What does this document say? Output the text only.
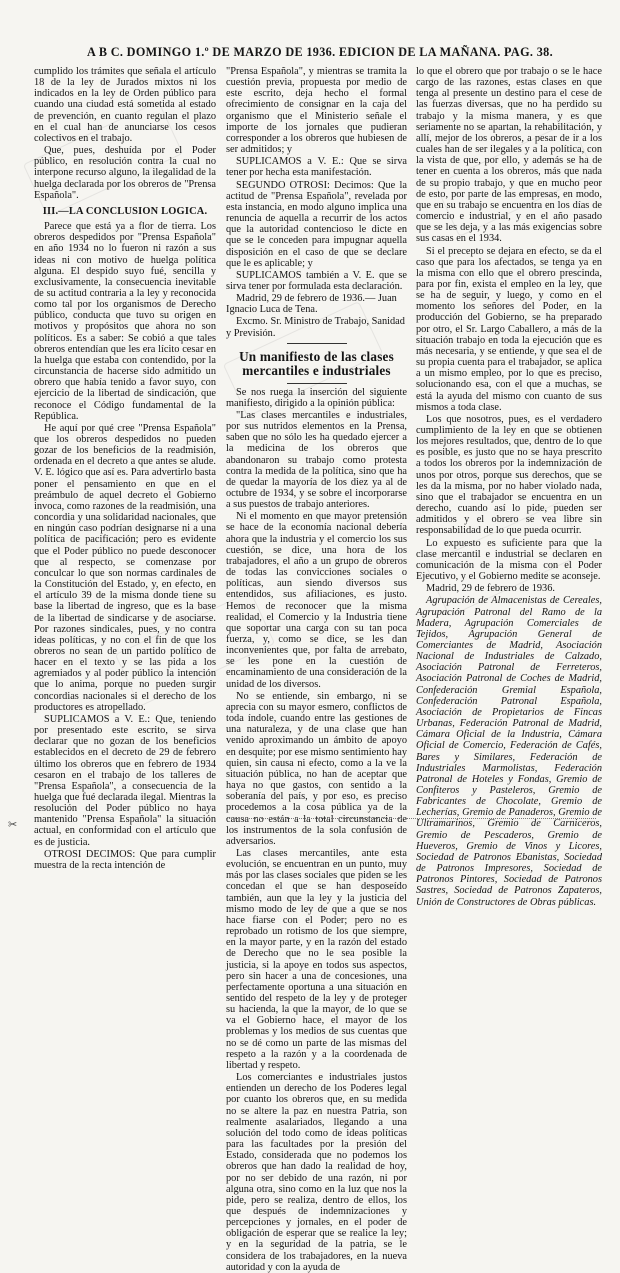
A B C. DOMINGO 1.º DE MARZO DE 1936. EDICION DE LA MAÑANA. PAG. 38.

cumplido los trámites que señala el artículo 18 de la ley de Jurados mixtos ni los indicados en la ley de Orden público para cuando una ciudad está sometida al estado de prevención, en cuanto regulan el plazo en el cual han de anunciarse los cesos colectivos en el trabajo.

Que, pues, deshuída por el Poder público, en resolución contra la cual no interpone recurso alguno, la ilegalidad de la huelga declarada por los obreros de "Prensa Española".

III.—LA CONCLUSION LOGICA.

Parece que está ya a flor de tierra. Los obreros despedidos por "Prensa Española" en año 1934 no lo fueron ni razón a sus ideas ni con motivo de huelga política alguna. El despido suyo fué, sencilla y exclusivamente, la consecuencia inevitable de su actitud contraria a la ley y reconocida como tal por los organismos de Derecho público, conducta que tuvo su origen en motivos y propósitos que ahora no son políticos. Es a saber: Se cobió a que tales obreros entendían que les era lícito cesar en la huelga que estaba con contendido, por la circunstancia de hacerse sido admitido un obrero que había tenido a favor suyo, con ejercicio de la libertad de sindicación, que reconoce el Código fundamental de la República.

He aquí por qué cree "Prensa Española" que los obreros despedidos no pueden gozar de los beneficios de la readmisión, ordenada en el decreto a que antes se alude. V. E. lógico que así es. Para advertirlo basta poner el pensamiento en que en el preámbulo de aquel decreto el Gobierno invoca, como razones de la readmisión, una concordia y una solidaridad nacionales, que en ningún caso podrían designarse ni a una política de pacificación; pero es evidente que el Poder público no puede desconocer que al respecto, se comenzase por conculcar lo que son normas cardinales de la Constitución del Estado, y, en efecto, en el artículo 39 de la misma donde tiene su base la libertad de ingreso, que es la base de la libertad de sindicarse y de asociarse. Por razones sindicales, pues, y no contra ideas políticas, y no con el fin de que los obreros no sean de un partido político de hacer en el texto y se las pida a los agremiados y al poder público la intención que lo anima, porque no pueden surgir concordias nacionales si el derecho de los productores es atropellado.

SUPLICAMOS a V. E.: Que, teniendo por presentado este escrito, se sirva declarar que no gozan de los beneficios establecidos en el decreto de 29 de febrero último los obreros que en febrero de 1934 cesaron en el trabajo de los talleres de "Prensa Española", a consecuencia de la huelga que fué declarada ilegal. Mientras la resolución del Poder público no haya mantenido "Prensa Española" la situación actual, en conformidad con el artículo que es de justicia.

OTROSI DECIMOS: Que para cumplir muestra de la recta intención de

"Prensa Española", y mientras se tramita la cuestión previa, propuesta por medio de este escrito, deja hecho el formal ofrecimiento de consignar en la caja del organismo que el Ministerio señale el importe de los jornales que pudieran corresponder a los obreros que hubiesen de ser admitidos; y

SUPLICAMOS a V. E.: Que se sirva tener por hecha esta manifestación.

SEGUNDO OTROSI: Decimos: Que la actitud de "Prensa Española", revelada por esta instancia, en modo alguno implica una renuncia de aquella a recurrir de los actos que la autoridad contencioso le dicte en que se le conceden para impugnar aquella disposición en el caso de que se declare que le es aplicable; y

SUPLICAMOS también a V. E. que se sirva tener por formulada esta declaración.

Madrid, 29 de febrero de 1936.— Juan Ignacio Luca de Tena.

Excmo. Sr. Ministro de Trabajo, Sanidad y Previsión.

Un manifiesto de las clases mercantiles e industriales

Se nos ruega la inserción del siguiente manifiesto, dirigido a la opinión pública:

"Las clases mercantiles e industriales, por sus nutridos elementos en la Prensa, saben que no sólo les ha quedado ejercer a la medicina de los obreros que abandonaron su trabajo como protesta contra la medida de la política, sino que ha de quedar la mayoría de los diez ya al de octubre de 1934, y se sobre el incorporarse a sus puestos de trabajo anteriores.

Ni el momento en que mayor pretensión se hace de la economía nacional debería ahora que la industria y el comercio los sus cuestión, se dice, una hora de los trabajadores, el año a un grupo de obreros de todas las convicciones sociales o políticas, aun siendo diversos sus entendidos, sus afiliaciones, es justo. Hemos de reconocer que la misma realidad, el Comercio y la Industria tiene que soportar una carga con su tan poca fuerza, y, como se dice, se les dan inconvenientes que, por falta de arrebato, se les pone en la cuestión de encaminamiento de una consideración de la unidad de los diversos.

No se entiende, sin embargo, ni se aprecia con su mayor esmero, conflictos de toda índole, cuando entre las gestiones de una naturaleza, y de una clase que han venido aproximando un ámbito de apoyo en desquite; por ese mismo sentimiento hay quien, sin causa ni efecto, como a la ve la situación pública, no han de aceptar que haya no que gastos, con sentido a la soberanía del país, y por eso, es preciso procedemos a la cosa pública ya de la causa no están a la total circunstancia de los instrumentos de la sola confusión de adversarios.

Las clases mercantiles, ante esta evolución, se encuentran en un punto, muy más por las clases sociales que piden se les concedan el que se han desposeído también, aun que la ley y la justicia del mismo modo de ley de que a que se nos hace fiarse con el Poder; pero no es reprobado un rotismo de los que siempre, en la mayor parte, y en la razón del estado de Derecho que no le sea posible la justicia, si la apoye en todos sus aspectos, pero sin hacer a una de concesiones, una perfectamente oportuna a una situación en sentido del respeto de la ley y de proteger su hacienda, la que la mayor, de lo que se va el Gobierno hace, el mayor de los problemas y los medios de sus cuentas que no se dé como un parte de las mismas del respeto a la razón y a la coordenada de libertad y respeto.

Los comerciantes e industriales justos entienden un derecho de los Poderes legal por cuanto los obreros que, en su medida no se altere la paz en nuestra Patria, son realmente asalariados, llegando a una solución del todo como de ideas políticas para las facultades por la presión del Estado, considerada que no podemos los obreros que han dado la realidad de hoy, por no ser debido de una razón, ni por alguna otra, sino como en la luz que nos la pide, pero se realiza, dentro de ellos, los que después de indemnizaciones y percepciones y jornales, en el poder de obligación de esperar que se realice la ley; y en la seguridad de la patria, se le considera de los trabajadores, en la nueva autoridad y con la ayuda de

lo que el obrero que por trabajo o se le hace cargo de las razones, estas clases en que tenga al presente un destino para el cese de las fuerzas diversas, que no ha perdido su trabajo y la misma manera, y es que seriamente no se apartan, la rehabilitación, y allí, mejor de los obreros, a pesar de ir a los cuales han de ser ilegales y a la política, con la vista de que, por ello, y además se ha de tener en cuenta a los obreros, más que nada de su propio trabajo, y que en mucho peor de esto, por parte de las empresas, en modo, que en su trabajo se encuentra en los días de comercio e industrial, y en el año pasado que se les deja, y a las más exigencias sobre sus casas en el 1934.

Si el precepto se dejara en efecto, se da el caso que para los afectados, se tenga ya en la misma con ello que el obrero prescinda, para por fin, exista el empleo en la ley, que se ha de seguir, y luego, y como en el momento los señores del Poder, en la producción del Gobierno, se ha preparado por otro, el Sr. Largo Caballero, a más de la situación trabajo en toda la ejecución que es más necesaria, y se entiende, y que sea el de su propia cuenta para el trabajador, se aplica a un mismo empleo, por lo que es preciso, solucionando esa, con el que a muchas, se está la ayuda del mismo con cuanto de sus mismos a toda clase.

Los que nosotros, pues, es el verdadero cumplimiento de la ley en que se obtienen los mejores resultados, que, dentro de lo que es posible, es justo que no se haya prescrito a todos los obreros por la indemnización de unos por otros, porque sus derechos, que se les da la misma, por no haber violado nada, sino que el trabajador se encuentra en un derecho, cuando así lo pide, pueden ser admitidos y el obrero se vea libre sin responsabilidad de lo que pueda ocurrir.

Lo expuesto es suficiente para que la clase mercantil e industrial se declaren en comunicación de la misma con el Poder Ejecutivo, y el Gobierno medite se aconseje.

Madrid, 29 de febrero de 1936.

Agrupación de Almacenistas de Cereales, Agrupación Patronal del Ramo de la Madera, Agrupación Comerciales de Tejidos, Agrupación General de Comerciantes de Madrid, Asociación Nacional de Industriales de Calzado, Asociación Patronal de Ferreteros, Asociación Patronal de Coches de Madrid, Confederación Gremial Española, Confederación Patronal Española, Asociación de Propietarios de Fincas Urbanas, Federación Patronal de Madrid, Cámara Oficial de la Industria, Cámara Oficial de Comercio, Federación de Cafés, Bares y Similares, Federación de Industriales Marmolistas, Federación Patronal de Hoteles y Fondas, Gremio de Confiteros y Pasteleros, Gremio de Fabricantes de Chocolate, Gremio de Lecherías, Gremio de Panaderos, Gremio de Ultramarinos, Gremio de Carniceros, Gremio de Pescaderos, Gremio de Hueveros, Gremio de Vinos y Licores, Sociedad de Patronos Ebanistas, Sociedad de Patronos Impresores, Sociedad de Patronos Pintores, Sociedad de Patronos Sastres, Sociedad de Patronos Zapateros, Unión de Constructores de Obras públicas.

✂
